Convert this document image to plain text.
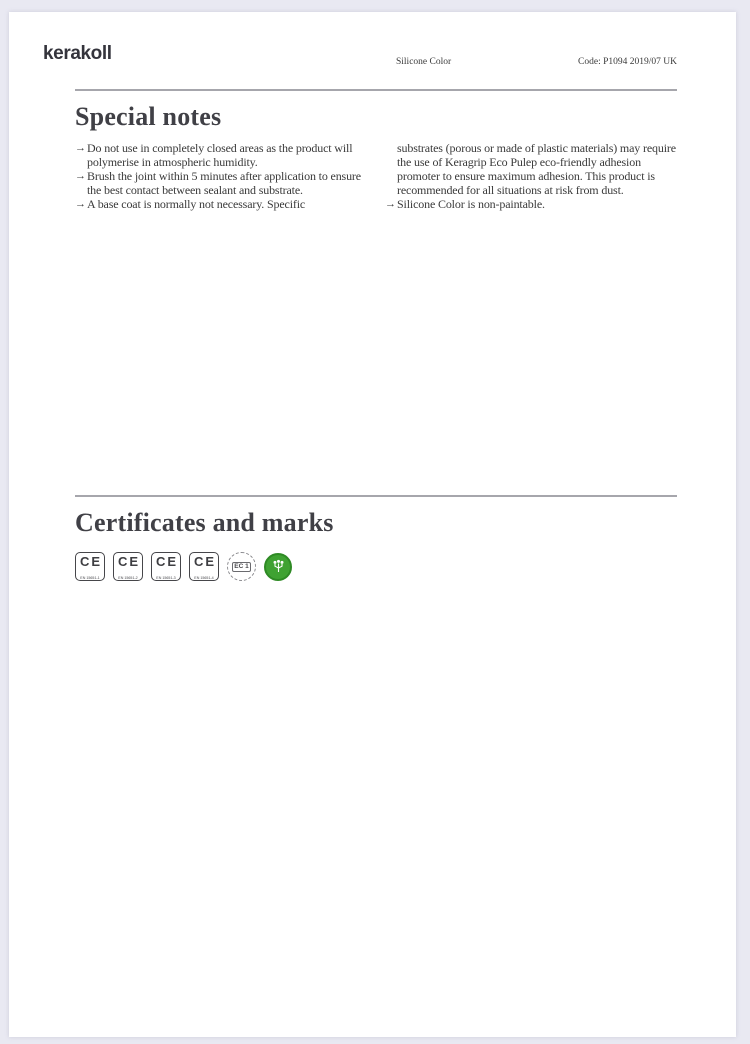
kerakoll	Silicone Color	Code: P1094 2019/07 UK
Special notes
→ Do not use in completely closed areas as the product will polymerise in atmospheric humidity.
→ Brush the joint within 5 minutes after application to ensure the best contact between sealant and substrate.
→ A base coat is normally not necessary. Specific
substrates (porous or made of plastic materials) may require the use of Keragrip Eco Pulep eco-friendly adhesion promoter to ensure maximum adhesion. This product is recommended for all situations at risk from dust.
→ Silicone Color is non-paintable.
Certificates and marks
CE
EN 15651-1
CE
EN 15651-2
CE
EN 15651-3
CE
EN 15651-4
EC 1
